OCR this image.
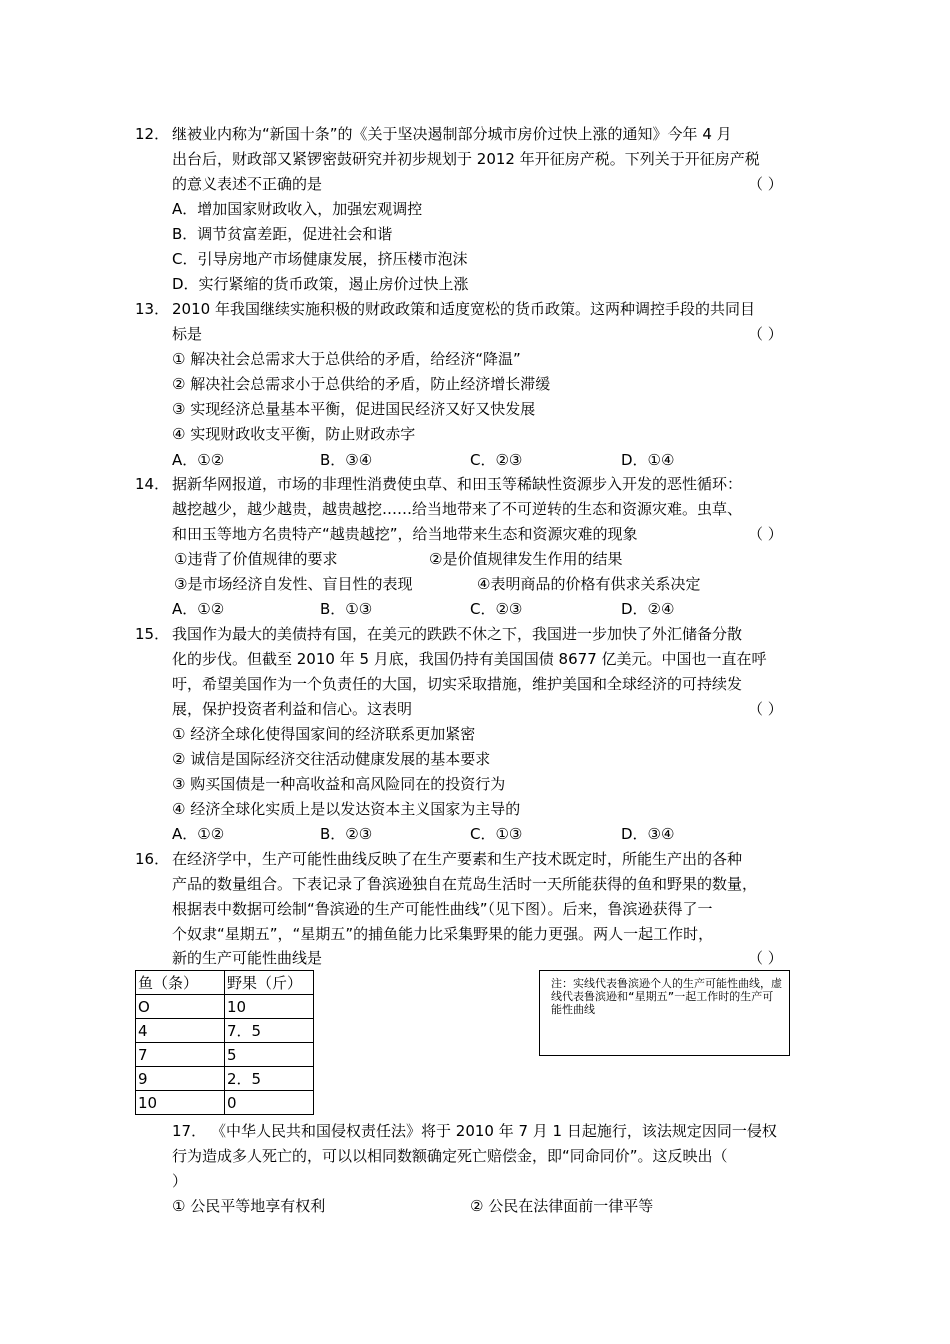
12． 继被业内称为“新国十条”的《关于坚决遏制部分城市房价过快上涨的通知》今年 4 月
出台后，财政部又紧锣密鼓研究并初步规划于 2012 年开征房产税。下列关于开征房产税
的意义表述不正确的是	（ ）
A．增加国家财政收入，加强宏观调控
B．调节贫富差距，促进社会和谐
C．引导房地产市场健康发展，挤压楼市泡沫
D．实行紧缩的货币政策，遏止房价过快上涨
13． 2010 年我国继续实施积极的财政政策和适度宽松的货币政策。这两种调控手段的共同目
标是	（ ）
① 解决社会总需求大于总供给的矛盾，给经济“降温”
② 解决社会总需求小于总供给的矛盾，防止经济增长滞缓
③ 实现经济总量基本平衡，促进国民经济又好又快发展
④ 实现财政收支平衡，防止财政赤字
A．①②	B．③④	C．②③	D．①④
14． 据新华网报道，市场的非理性消费使虫草、和田玉等稀缺性资源步入开发的恶性循环：
越挖越少，越少越贵，越贵越挖……给当地带来了不可逆转的生态和资源灾难。虫草、
和田玉等地方名贵特产“越贵越挖”，给当地带来生态和资源灾难的现象	（ ）
①违背了价值规律的要求	②是价值规律发生作用的结果
③是市场经济自发性、盲目性的表现	④表明商品的价格有供求关系决定
A．①②	B．①③	C．②③	D．②④
15． 我国作为最大的美债持有国，在美元的跌跌不休之下，我国进一步加快了外汇储备分散
化的步伐。但截至 2010 年 5 月底，我国仍持有美国国债 8677 亿美元。中国也一直在呼
吁，希望美国作为一个负责任的大国，切实采取措施，维护美国和全球经济的可持续发
展，保护投资者利益和信心。这表明	（ ）
① 经济全球化使得国家间的经济联系更加紧密
② 诚信是国际经济交往活动健康发展的基本要求
③ 购买国债是一种高收益和高风险同在的投资行为
④ 经济全球化实质上是以发达资本主义国家为主导的
A．①②	B．②③	C．①③	D．③④
16． 在经济学中，生产可能性曲线反映了在生产要素和生产技术既定时，所能生产出的各种
产品的数量组合。下表记录了鲁滨逊独自在荒岛生活时一天所能获得的鱼和野果的数量，
根据表中数据可绘制“鲁滨逊的生产可能性曲线”（见下图）。后来，鲁滨逊获得了一
个奴隶“星期五”，“星期五”的捕鱼能力比采集野果的能力更强。两人一起工作时，
新的生产可能性曲线是	（ ）
鱼（条）	野果（斤）
O	10
4	7．5
7	5
9	2．5
10	0
注：实线代表鲁滨逊个人的生产可能性曲线，虚线代表鲁滨逊和“星期五”一起工作时的生产可能性曲线
17． 《中华人民共和国侵权责任法》将于 2010 年 7 月 1 日起施行，该法规定因同一侵权
行为造成多人死亡的，可以以相同数额确定死亡赔偿金，即“同命同价”。这反映出（
）
① 公民平等地享有权利	② 公民在法律面前一律平等
